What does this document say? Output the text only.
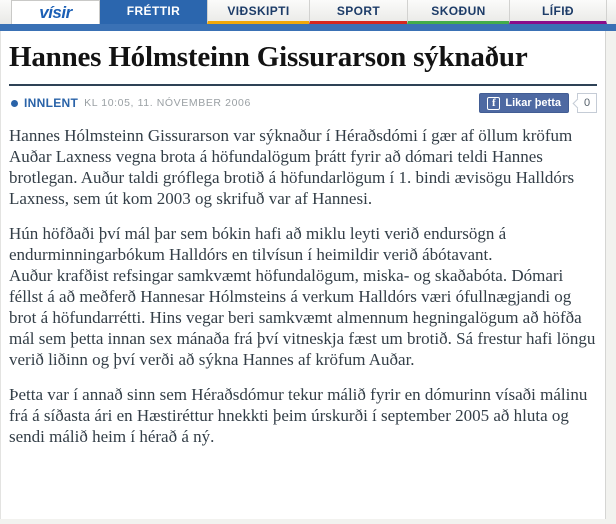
vísir	FRÉTTIR	VIÐSKIPTI	SPORT	SKOÐUN	LÍFIÐ
Hannes Hólmsteinn Gissurarson sýknaður
INNLENT KL 10:05, 11. NÓVEMBER 2006	f Likar þetta	0

Hannes Hólmsteinn Gissurarson var sýknaður í Héraðsdómi í gær af öllum kröfum Auðar Laxness vegna brota á höfundalögum þrátt fyrir að dómari teldi Hannes brotlegan. Auður taldi gróflega brotið á höfundarlögum í 1. bindi ævisögu Halldórs Laxness, sem út kom 2003 og skrifuð var af Hannesi.

Hún höfðaði því mál þar sem bókin hafi að miklu leyti verið endursögn á endurminningarbókum Halldórs en tilvísun í heimildir verið ábótavant.

Auður krafðist refsingar samkvæmt höfundalögum, miska- og skaðabóta. Dómari féllst á að meðferð Hannesar Hólmsteins á verkum Halldórs væri ófullnægjandi og brot á höfundarrétti. Hins vegar beri samkvæmt almennum hegningalögum að höfða mál sem þetta innan sex mánaða frá því vitneskja fæst um brotið. Sá frestur hafi löngu verið liðinn og því verði að sýkna Hannes af kröfum Auðar.

Þetta var í annað sinn sem Héraðsdómur tekur málið fyrir en dómurinn vísaði málinu frá á síðasta ári en Hæstiréttur hnekkti þeim úrskurði í september 2005 að hluta og sendi málið heim í hérað á ný.
